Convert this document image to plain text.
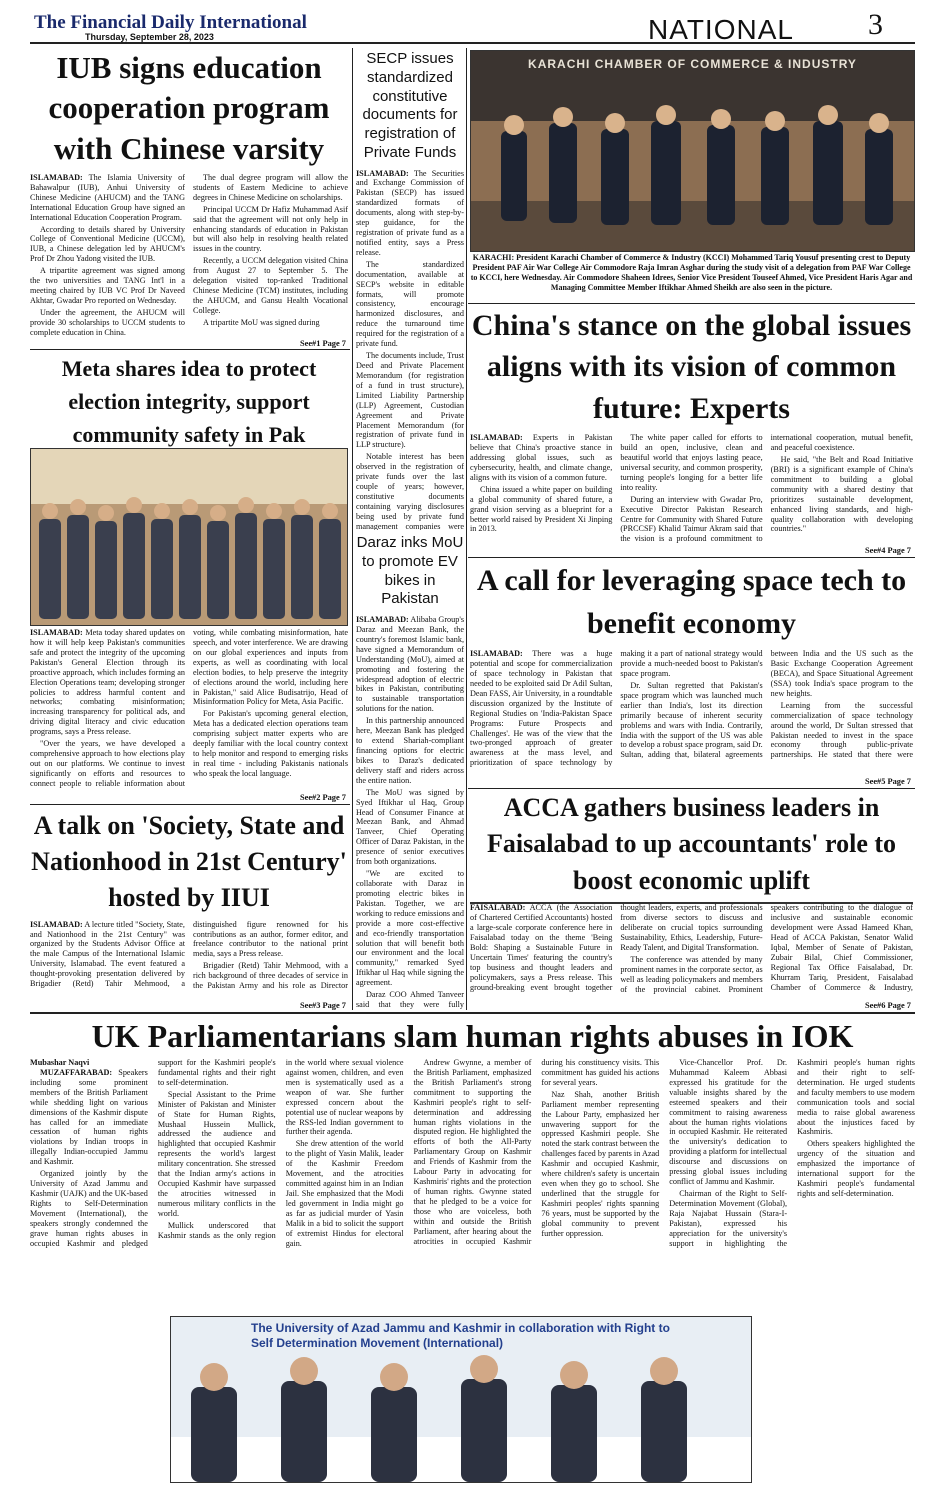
The Financial Daily International
Thursday, September 28, 2023	NATIONAL 3
IUB signs education cooperation program with Chinese varsity

ISLAMABAD: The Islamia University of Bahawalpur (IUB), Anhui University of Chinese Medicine (AHUCM) and the TANG International Education Group have signed an International Education Cooperation Program.

According to details shared by University College of Conventional Medicine (UCCM), IUB, a Chinese delegation led by AHUCM's Prof Dr Zhou Yadong visited the IUB.

A tripartite agreement was signed among the two universities and TANG Int'l in a meeting chaired by IUB VC Prof Dr Naveed Akhtar, Gwadar Pro reported on Wednesday.

Under the agreement, the AHUCM will provide 30 scholarships to UCCM students to complete education in China.

The dual degree program will allow the students of Eastern Medicine to achieve degrees in Chinese Medicine on scholarships.

Principal UCCM Dr Hafiz Muhammad Asif said that the agreement will not only help in enhancing standards of education in Pakistan but will also help in resolving health related issues in the country.

Recently, a UCCM delegation visited China from August 27 to September 5. The delegation visited top-ranked Traditional Chinese Medicine (TCM) institutes, including the AHUCM, and Gansu Health Vocational College.

A tripartite MoU was signed during

See#1 Page 7
SECP issues standardized constitutive documents for registration of Private Funds

ISLAMABAD: The Securities and Exchange Commission of Pakistan (SECP) has issued standardized formats of documents, along with step-by-step guidance, for the registration of private fund as a notified entity, says a Press release.

The standardized documentation, available at SECP's website in editable formats, will promote consistency, encourage harmonized disclosures, and reduce the turnaround time required for the registration of a private fund.

The documents include, Trust Deed and Private Placement Memorandum (for registration of a fund in trust structure), Limited Liability Partnership (LLP) Agreement, Custodian Agreement and Private Placement Memorandum (for registration of private fund in LLP structure).

Notable interest has been observed in the registration of private funds over the last couple of years; however, constitutive documents containing varying disclosures being used by private fund management companies were

KARACHI CHAMBER OF COMMERCE & INDUSTRY
KARACHI: President Karachi Chamber of Commerce & Industry (KCCI) Mohammed Tariq Yousuf presenting crest to Deputy President PAF Air War College Air Commodore Raja Imran Asghar during the study visit of a delegation from PAF War College to KCCI, here Wednesday. Air Commodore Shaheen Idrees, Senior Vice President Touseef Ahmed, Vice President Haris Agar and Managing Committee Member Iftikhar Ahmed Sheikh are also seen in the picture.
China's stance on the global issues aligns with its vision of common future: Experts

ISLAMABAD: Experts in Pakistan believe that China's proactive stance in addressing global issues, such as cybersecurity, health, and climate change, aligns with its vision of a common future.

China issued a white paper on building a global community of shared future, a grand vision serving as a blueprint for a better world raised by President Xi Jinping in 2013.

The white paper called for efforts to build an open, inclusive, clean and beautiful world that enjoys lasting peace, universal security, and common prosperity, turning people's longing for a better life into reality.

During an interview with Gwadar Pro, Executive Director Pakistan Research Centre for Community with Shared Future (PRCCSF) Khalid Taimur Akram said that the vision is a profound commitment to international cooperation, mutual benefit, and peaceful coexistence.

He said, "the Belt and Road Initiative (BRI) is a significant example of China's commitment to building a global community with a shared destiny that prioritizes sustainable development, enhanced living standards, and high-quality collaboration with developing countries."

See#4 Page 7
Meta shares idea to protect election integrity, support community safety in Pak

ISLAMABAD: Meta today shared updates on how it will help keep Pakistan's communities safe and protect the integrity of the upcoming Pakistan's General Election through its proactive approach, which includes forming an Election Operations team; developing stronger policies to address harmful content and networks; combating misinformation; increasing transparency for political ads, and driving digital literacy and civic education programs, says a Press release.

"Over the years, we have developed a comprehensive approach to how elections play out on our platforms. We continue to invest significantly on efforts and resources to connect people to reliable information about voting, while combating misinformation, hate speech, and voter interference. We are drawing on our global experiences and inputs from experts, as well as coordinating with local election bodies, to help preserve the integrity of elections around the world, including here in Pakistan," said Alice Budisatrijo, Head of Misinformation Policy for Meta, Asia Pacific.

For Pakistan's upcoming general election, Meta has a dedicated election operations team comprising subject matter experts who are deeply familiar with the local country context to help monitor and respond to emerging risks in real time - including Pakistanis nationals who speak the local language.

See#2 Page 7
Daraz inks MoU to promote EV bikes in Pakistan

ISLAMABAD: Alibaba Group's Daraz and Meezan Bank, the country's foremost Islamic bank, have signed a Memorandum of Understanding (MoU), aimed at promoting and fostering the widespread adoption of electric bikes in Pakistan, contributing to sustainable transportation solutions for the nation.

In this partnership announced here, Meezan Bank has pledged to extend Shariah-compliant financing options for electric bikes to Daraz's dedicated delivery staff and riders across the entire nation.

The MoU was signed by Syed Iftikhar ul Haq, Group Head of Consumer Finance at Meezan Bank, and Ahmad Tanveer, Chief Operating Officer of Daraz Pakistan, in the presence of senior executives from both organizations.

"We are excited to collaborate with Daraz in promoting electric bikes in Pakistan. Together, we are working to reduce emissions and provide a more cost-effective and eco-friendly transportation solution that will benefit both our environment and the local community," remarked Syed Iftikhar ul Haq while signing the agreement.

Daraz COO Ahmed Tanveer said that they were fully

A call for leveraging space tech to benefit economy

ISLAMABAD: There was a huge potential and scope for commercialization of space technology in Pakistan that needed to be exploited said Dr Adil Sultan, Dean FASS, Air University, in a roundtable discussion organized by the Institute of Regional Studies on 'India-Pakistan Space Programs: Future Prospects and Challenges'. He was of the view that the two-pronged approach of greater awareness at the mass level, and prioritization of space technology by making it a part of national strategy would provide a much-needed boost to Pakistan's space program.

Dr. Sultan regretted that Pakistan's space program which was launched much earlier than India's, lost its direction primarily because of inherent security problems and wars with India. Contrarily, India with the support of the US was able to develop a robust space program, said Dr. Sultan, adding that, bilateral agreements between India and the US such as the Basic Exchange Cooperation Agreement (BECA), and Space Situational Agreement (SSA) took India's space program to the new heights.

Learning from the successful commercialization of space technology around the world, Dr Sultan stressed that Pakistan needed to invest in the space economy through public-private partnerships. He stated that there were

See#5 Page 7
A talk on 'Society, State and Nationhood in 21st Century' hosted by IIUI

ISLAMABAD: A lecture titled "Society, State, and Nationhood in the 21st Century" was organized by the Students Advisor Office at the male Campus of the International Islamic University, Islamabad. The event featured a thought-provoking presentation delivered by Brigadier (Retd) Tahir Mehmood, a distinguished figure renowned for his contributions as an author, former editor, and freelance contributor to the national print media, says a Press release.

Brigadier (Retd) Tahir Mehmood, with a rich background of three decades of service in the Pakistan Army and his role as Director

See#3 Page 7
ACCA gathers business leaders in Faisalabad to up accountants' role to boost economic uplift

FAISALABAD: ACCA (the Association of Chartered Certified Accountants) hosted a large-scale corporate conference here in Faisalabad today on the theme 'Being Bold: Shaping a Sustainable Future in Uncertain Times' featuring the country's top business and thought leaders and policymakers, says a Press release. This ground-breaking event brought together thought leaders, experts, and professionals from diverse sectors to discuss and deliberate on crucial topics surrounding Sustainability, Ethics, Leadership, Future-Ready Talent, and Digital Transformation.

The conference was attended by many prominent names in the corporate sector, as well as leading policymakers and members of the provincial cabinet. Prominent speakers contributing to the dialogue of inclusive and sustainable economic development were Assad Hameed Khan, Head of ACCA Pakistan, Senator Walid Iqbal, Member of Senate of Pakistan, Zubair Bilal, Chief Commissioner, Regional Tax Office Faisalabad, Dr. Khurram Tariq, President, Faisalabad Chamber of Commerce & Industry,

See#6 Page 7
UK Parliamentarians slam human rights abuses in IOK
The University of Azad Jammu and Kashmir in collaboration with Right to Self Determination Movement (International)
Mubashar Naqvi

MUZAFFARABAD: Speakers including some prominent members of the British Parliament while shedding light on various dimensions of the Kashmir dispute has called for an immediate cessation of human rights violations by Indian troops in illegally Indian-occupied Jammu and Kashmir.

Organized jointly by the University of Azad Jammu and Kashmir (UAJK) and the UK-based Rights to Self-Determination Movement (International), the speakers strongly condemned the grave human rights abuses in occupied Kashmir and pledged support for the Kashmiri people's fundamental rights and their right to self-determination.

Special Assistant to the Prime Minister of Pakistan and Minister of State for Human Rights, Mushaal Hussein Mullick, addressed the audience and highlighted that occupied Kashmir represents the world's largest military concentration. She stressed that the Indian army's actions in Occupied Kashmir have surpassed the atrocities witnessed in numerous military conflicts in the world.

Mullick underscored that Kashmir stands as the only region in the world where sexual violence against women, children, and even men is systematically used as a weapon of war. She further expressed concern about the potential use of nuclear weapons by the RSS-led Indian government to further their agenda.

She drew attention of the world to the plight of Yasin Malik, leader of the Kashmir Freedom Movement, and the atrocities committed against him in an Indian Jail. She emphasized that the Modi led government in India might go as far as judicial murder of Yasin Malik in a bid to solicit the support of extremist Hindus for electoral gain.

Andrew Gwynne, a member of the British Parliament, emphasized the British Parliament's strong commitment to supporting the Kashmiri people's right to self-determination and addressing human rights violations in the disputed region. He highlighted the efforts of both the All-Party Parliamentary Group on Kashmir and Friends of Kashmir from the Labour Party in advocating for Kashmiris' rights and the protection of human rights. Gwynne stated that he pledged to be a voice for those who are voiceless, both within and outside the British Parliament, after hearing about the atrocities in occupied Kashmir during his constituency visits. This commitment has guided his actions for several years.

Naz Shah, another British Parliament member representing the Labour Party, emphasized her unwavering support for the oppressed Kashmiri people. She noted the stark contrast between the challenges faced by parents in Azad Kashmir and occupied Kashmir, where children's safety is uncertain even when they go to school. She underlined that the struggle for Kashmiri peoples' rights spanning 76 years, must be supported by the global community to prevent further oppression.

Vice-Chancellor Prof. Dr. Muhammad Kaleem Abbasi expressed his gratitude for the valuable insights shared by the esteemed speakers and their commitment to raising awareness about the human rights violations in occupied Kashmir. He reiterated the university's dedication to providing a platform for intellectual discourse and discussions on pressing global issues including conflict of Jammu and Kashmir.

Chairman of the Right to Self-Determination Movement (Global), Raja Najabat Hussain (Stara-I-Pakistan), expressed his appreciation for the university's support in highlighting the Kashmiri people's human rights and their right to self-determination. He urged students and faculty members to use modern communication tools and social media to raise global awareness about the injustices faced by Kashmiris.

Others speakers highlighted the urgency of the situation and emphasized the importance of international support for the Kashmiri people's fundamental rights and self-determination.
